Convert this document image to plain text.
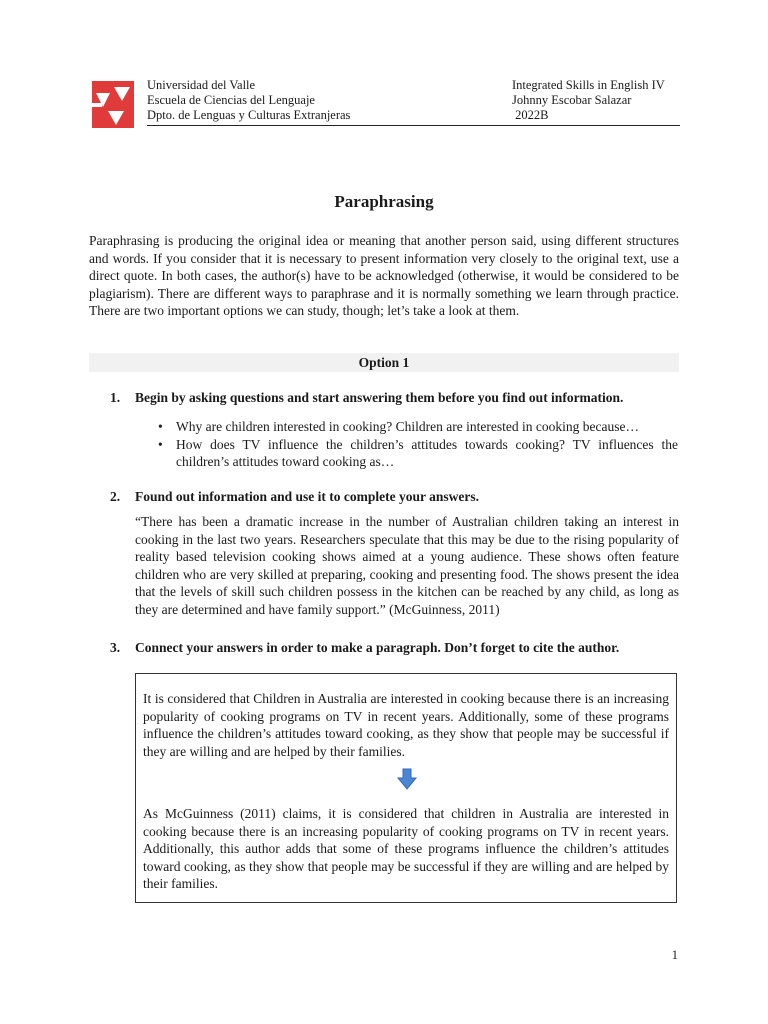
Universidad del Valle
Escuela de Ciencias del Lenguaje
Dpto. de Lenguas y Culturas Extranjeras
Integrated Skills in English IV
Johnny Escobar Salazar
2022B
Paraphrasing

Paraphrasing is producing the original idea or meaning that another person said, using different structures and words. If you consider that it is necessary to present information very closely to the original text, use a direct quote. In both cases, the author(s) have to be acknowledged (otherwise, it would be considered to be plagiarism). There are different ways to paraphrase and it is normally something we learn through practice. There are two important options we can study, though; let’s take a look at them.

Option 1
1. Begin by asking questions and start answering them before you find out information.
• Why are children interested in cooking? Children are interested in cooking because…
• How does TV influence the children’s attitudes towards cooking? TV influences the children’s attitudes toward cooking as…
2. Found out information and use it to complete your answers.

“There has been a dramatic increase in the number of Australian children taking an interest in cooking in the last two years. Researchers speculate that this may be due to the rising popularity of reality based television cooking shows aimed at a young audience. These shows often feature children who are very skilled at preparing, cooking and presenting food. The shows present the idea that the levels of skill such children possess in the kitchen can be reached by any child, as long as they are determined and have family support.” (McGuinness, 2011)

3. Connect your answers in order to make a paragraph. Don’t forget to cite the author.

It is considered that Children in Australia are interested in cooking because there is an increasing popularity of cooking programs on TV in recent years. Additionally, some of these programs influence the children’s attitudes toward cooking, as they show that people may be successful if they are willing and are helped by their families.

As McGuinness (2011) claims, it is considered that children in Australia are interested in cooking because there is an increasing popularity of cooking programs on TV in recent years. Additionally, this author adds that some of these programs influence the children’s attitudes toward cooking, as they show that people may be successful if they are willing and are helped by their families.

1
